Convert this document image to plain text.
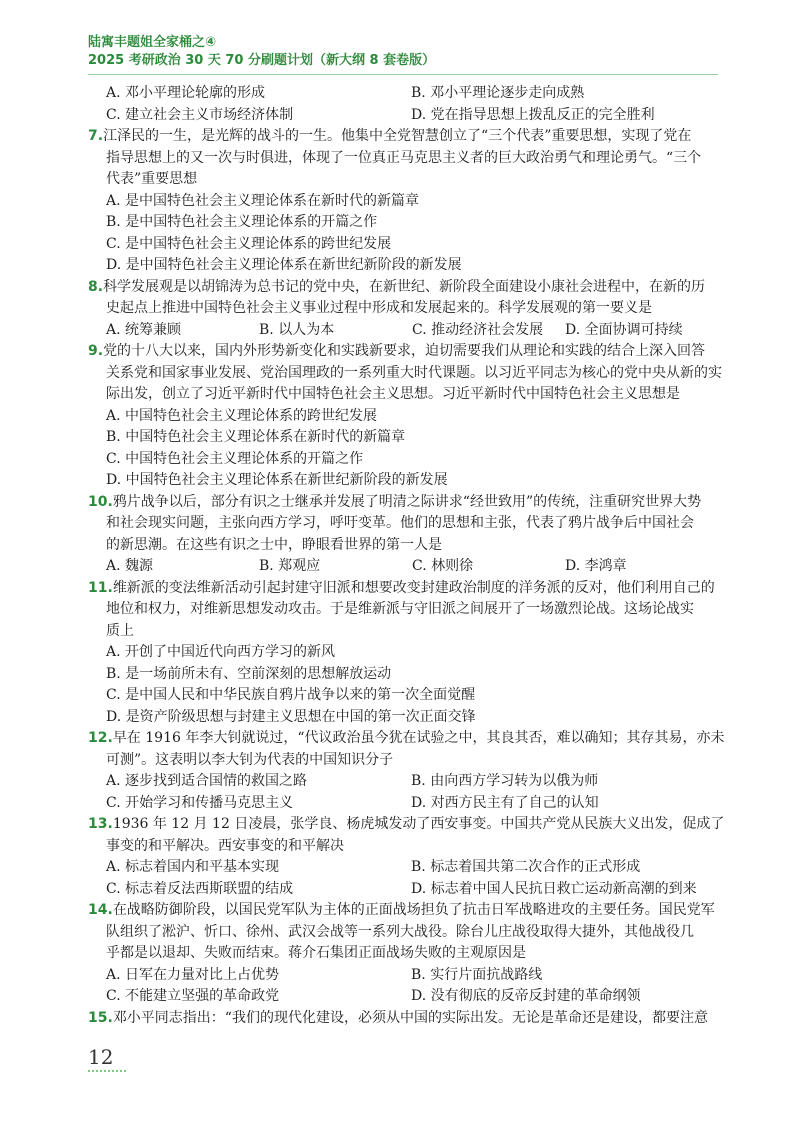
陆寓丰题姐全家桶之④
2025 考研政治 30 天 70 分刷题计划（新大纲 8 套卷版）
A. 邓小平理论轮廓的形成	B. 邓小平理论逐步走向成熟
C. 建立社会主义市场经济体制	D. 党在指导思想上拨乱反正的完全胜利
7.江泽民的一生，是光辉的战斗的一生。他集中全党智慧创立了“三个代表”重要思想，实现了党在
指导思想上的又一次与时俱进，体现了一位真正马克思主义者的巨大政治勇气和理论勇气。“三个
代表”重要思想
A. 是中国特色社会主义理论体系在新时代的新篇章
B. 是中国特色社会主义理论体系的开篇之作
C. 是中国特色社会主义理论体系的跨世纪发展
D. 是中国特色社会主义理论体系在新世纪新阶段的新发展
8.科学发展观是以胡锦涛为总书记的党中央，在新世纪、新阶段全面建设小康社会进程中，在新的历
史起点上推进中国特色社会主义事业过程中形成和发展起来的。科学发展观的第一要义是
A. 统筹兼顾	B. 以人为本	C. 推动经济社会发展	D. 全面协调可持续
9.党的十八大以来，国内外形势新变化和实践新要求，迫切需要我们从理论和实践的结合上深入回答
关系党和国家事业发展、党治国理政的一系列重大时代课题。以习近平同志为核心的党中央从新的实
际出发，创立了习近平新时代中国特色社会主义思想。习近平新时代中国特色社会主义思想是
A. 中国特色社会主义理论体系的跨世纪发展
B. 中国特色社会主义理论体系在新时代的新篇章
C. 中国特色社会主义理论体系的开篇之作
D. 中国特色社会主义理论体系在新世纪新阶段的新发展
10.鸦片战争以后，部分有识之士继承并发展了明清之际讲求“经世致用”的传统，注重研究世界大势
和社会现实问题，主张向西方学习，呼吁变革。他们的思想和主张，代表了鸦片战争后中国社会
的新思潮。在这些有识之士中，睁眼看世界的第一人是
A. 魏源	B. 郑观应	C. 林则徐	D. 李鸿章
11.维新派的变法维新活动引起封建守旧派和想要改变封建政治制度的洋务派的反对，他们利用自己的
地位和权力，对维新思想发动攻击。于是维新派与守旧派之间展开了一场激烈论战。这场论战实
质上
A. 开创了中国近代向西方学习的新风
B. 是一场前所未有、空前深刻的思想解放运动
C. 是中国人民和中华民族自鸦片战争以来的第一次全面觉醒
D. 是资产阶级思想与封建主义思想在中国的第一次正面交锋
12.早在 1916 年李大钊就说过，“代议政治虽今犹在试验之中，其良其否，难以确知；其存其易，亦未
可测”。这表明以李大钊为代表的中国知识分子
A. 逐步找到适合国情的救国之路	B. 由向西方学习转为以俄为师
C. 开始学习和传播马克思主义	D. 对西方民主有了自己的认知
13.1936 年 12 月 12 日凌晨，张学良、杨虎城发动了西安事变。中国共产党从民族大义出发，促成了
事变的和平解决。西安事变的和平解决
A. 标志着国内和平基本实现	B. 标志着国共第二次合作的正式形成
C. 标志着反法西斯联盟的结成	D. 标志着中国人民抗日救亡运动新高潮的到来
14.在战略防御阶段，以国民党军队为主体的正面战场担负了抗击日军战略进攻的主要任务。国民党军
队组织了淞沪、忻口、徐州、武汉会战等一系列大战役。除台儿庄战役取得大捷外，其他战役几
乎都是以退却、失败而结束。蒋介石集团正面战场失败的主观原因是
A. 日军在力量对比上占优势	B. 实行片面抗战路线
C. 不能建立坚强的革命政党	D. 没有彻底的反帝反封建的革命纲领
15.邓小平同志指出：“我们的现代化建设，必须从中国的实际出发。无论是革命还是建设，都要注意
12
